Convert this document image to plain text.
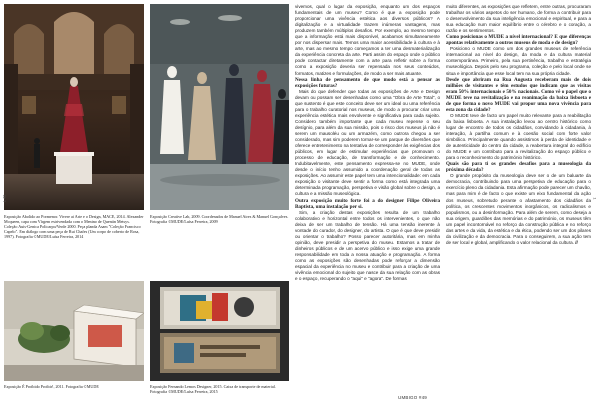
Exposição Abolido ao Pormenor. Vivere ai Arte e o Design, MACE, 2014. Alexander Mcqueen, capa com Vírgem estrivendada com o Menino de Quentin Metsys. Coleção Auis-Genica Policarpo/Verde 2000. Peça planda Asam "Coleção Francisco Capelo". Em diálogo com uma peça de Rui Chafes (Um corpo de coberto de Rosa, 1997). Fotografia ©MUDE/Luísa Ferreira, 2014
Exposição Creative Lab, 2009. Coordenados de Manuel Aires & Manuel Gonçalves. Fotografia ©MUDE/Luísa Ferreira, 2009
Exposição É Proibido Proibir!, 2011. Fotografia ©MUDE	Exposição Fernando Lemos Designer, 2015. Caixa de transporte de material. Fotografia ©MUDE/Luísa Ferreira, 2015

vivemos, qual o lugar da exposição, enquanto um dos espaços fundamentais de um museu? Como é que a exposição pode proporcionar uma vivência estética aos diversos públicos? A digitalização e a virtualidade trazem inúmeras vantagens, mas produzem também múltiplos desafios. Por exemplo, ao mesmo tempo que a informação está mais disponível, acabamos simultaneamente por nos dispersar mais. Temos uma maior acessibilidade à cultura e à arte, mas ao mesmo tempo começamos a ter uma desmaterialização da experiência concreta da arte. Parti assim do espaço onde o público pode contactar diretamente com a arte para refletir sobre a forma como a exposição deveria ser repensada nos seus conteúdos, formatos, matizes e formulações, de modo a ser mais atuante.

Nessa linha de pensamento de que modo está a pensar as exposições futuras?

Mais do que defender que todas as exposições de Arte e Design devam ou possam ser desenhadas como uma "Obra de Arte Total", o que sustento é que este conceito deve ser um ideal ou uma referência para o trabalho curatorial nos museus, de modo a procurar criar uma experiência estética mais envolvente e significativa para cada sujeito. Considero também importante que cada museu repense o seu desígnio, para além da sua missão, pois o risco dos museus já não é serem um mausoléu ou um armazém, como outrora chegou a ser considerado, mas sim poderem tornar-se um parque de diversões que oferece entretenimento na tentativa de corresponder às exigências dos públicos, em lugar de estimular experiências que promovam o processo de educação, de transformação e de conhecimento. Indubitavelmente, este pensamento expressa-se no MUDE, onde desde o início tenho assumido a coordenação geral de todas as exposições. Ao assumir este papel tem uma intencionalidade: em cada exposição o visitante deve sentir a forma como está integrada uma determinada programação, perspetiva e visão global sobre o design, a cultura e a missão museológica.

Outra exposição muito forte foi a do designer Filipe Oliveira Baptista, uma instalação per si.

Sim, a criação destas exposições resulta de um trabalho colaborativo e horizontal entre todos os intervenientes, o que não deixa de ser um trabalho de tensão. Há uma tensão inerente à vontade do curador, do designer, do artista. O que é que deve presidir ou orientar o trabalho? Posso parecer autoritária, mas em minha opinião, deve presidir a perspetiva do museu. Estamos a tratar de dinheiros públicos e de um acervo público e isso exige uma grande responsabilidade em toda a nossa atuação e programação. A forma como as exposições são desenhadas pode reforçar a dimensão espacial da experiência no museu e contribuir para a criação de uma vivência emocional do sujeito que nasce da sua relação com as obras e o espaço, recuperando o "aqui" e "agora". De formas

muito diferentes, as exposições que refletem, entre outras, procuraram trabalhar os vários aspetos do ser humano, de forma a contribuir para o desenvolvimento da sua inteligência emocional e espiritual, e para a sua educação num maior equilíbrio entre o cérebro e o coração, a razão e os sentimentos.

Como posicionas o MUDE a nível internacional? E que diferenças apontas relativamente a outros museus de moda e de design?

Posiciono o MUDE como um dos grandes museus de referência internacional ao nível do design, da moda e da cultura material contemporânea. Primeiro, pela sua pertinência, trabalho e estratégia museológica. Depois pelo seu programa, coleção e pelo local onde se situa e importância que esse local tem na sua própria cidade.

Desde que abriram na Rua Augusta receberam mais de dois milhões de visitantes e têm estudos que indicam que as visitas eram 50% internacionais e 50% nacionais. Como vê o papel que o MUDE teve na revitalização e na reanimação da baixa lisboeta e de que forma o novo MUDE vai propor uma nova vivência para esta zona da cidade?

O MUDE teve de facto um papel muito relevante para a reabilitação da baixa lisboeta. A sua instalação levou ao centro histórico como lugar de encontro de todos os cidadãos, convidando à cidadania, à interação, à partilha comum e à coesão social com forte valor simbólico. Principalmente quando assistimos à perda de identidade e de autenticidade do centro da cidade, a reabertura integral do edifício do MUDE e um contributo para a revitalização do espaço público e para o reconhecimento do património histórico.

Quais são para ti os grandes desafios para a museologia da próxima década?

O grande propósito da museologia deve ser o de um baluarte da democracia, contribuindo para uma perspetiva de educação para o exercício pleno da cidadania. Esta afirmação pode parecer um chavão, mas para mim é de facto o que existe um eixo fundamental da ação dos museus, sobretudo perante o afastamento dos cidadãos da política, os crescentes movimentos inorgânicos, os radicalismos e populismos, ou a desinformação. Para além de serem, como deseja a sua origem, guardiões das memórias e do património, os museus têm um papel incontornável no reforço da construção pública e no reforço das artes e da vida, da estética e da ética, podendo ser um dos pilares da civilização e da democracia. Para o conseguirem, a sua ação tem de ser local e global, amplificando o valor relacional da cultura. //

L 42	1
UMBIGO #49
